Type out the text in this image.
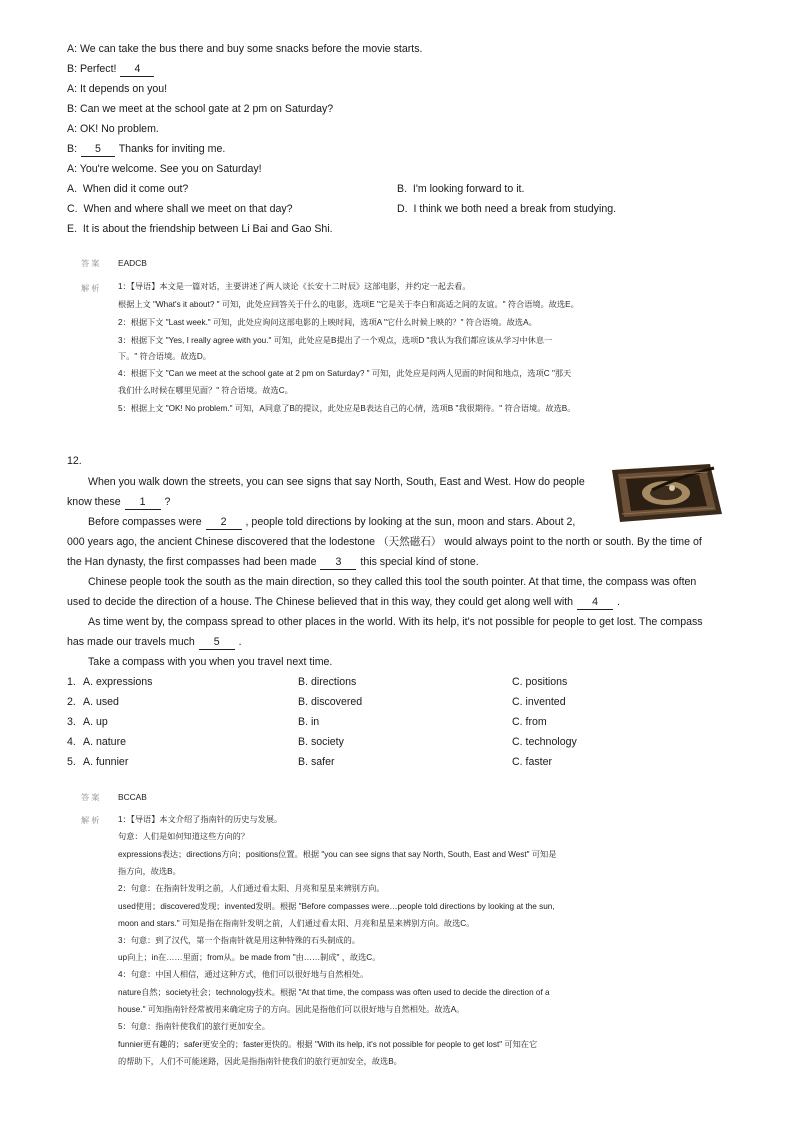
A: We can take the bus there and buy some snacks before the movie starts.
B: Perfect! 4
A: It depends on you!
B: Can we meet at the school gate at 2 pm on Saturday?
A: OK! No problem.
B: 5 Thanks for inviting me.
A: You're welcome. See you on Saturday!
A. When did it come out?	B. I'm looking forward to it.
C. When and where shall we meet on that day?	D. I think we both need a break from studying.
E. It is about the friendship between Li Bai and Gao Shi.
答案 EADCB
解析 1：【导语】本文是一篇对话，主要讲述了两人谈论《长安十二时辰》这部电影，并约定一起去看。
根据上文 "What's it about? " 可知，此处应回答关于什么的电影，选项E "它是关于李白和高适之间的友谊。" 符合语境。故选E。
2：根据下文 "Last week." 可知，此处应询问这部电影的上映时间，选项A "它什么时候上映的？" 符合语境。故选A。
3：根据下文 "Yes, I really agree with you." 可知，此处应是B提出了一个观点，选项D "我认为我们都应该从学习中休息一
下。" 符合语境。故选D。
4：根据下文 "Can we meet at the school gate at 2 pm on Saturday? " 可知，此处应是问两人见面的时间和地点，选项C "那天
我们什么时候在哪里见面？" 符合语境。故选C。
5：根据上文 "OK! No problem." 可知，A同意了B的提议，此处应是B表达自己的心情，选项B "我很期待。" 符合语境。故选B。
12.
When you walk down the streets, you can see signs that say North, South, East and West. How do people
know these 1 ?
Before compasses were 2 , people told directions by looking at the sun, moon and stars. About 2,
000 years ago, the ancient Chinese discovered that the lodestone （天然磁石） would always point to the north or south. By the time of
the Han dynasty, the first compasses had been made 3 this special kind of stone.
Chinese people took the south as the main direction, so they called this tool the south pointer. At that time, the compass was often
used to decide the direction of a house. The Chinese believed that in this way, they could get along well with 4 .
As time went by, the compass spread to other places in the world. With its help, it's not possible for people to get lost. The compass
has made our travels much 5 .
Take a compass with you when you travel next time.
1. A. expressions	B. directions	C. positions
2. A. used	B. discovered	C. invented
3. A. up	B. in	C. from
4. A. nature	B. society	C. technology
5. A. funnier	B. safer	C. faster
答案 BCCAB
解析 1：【导语】本文介绍了指南针的历史与发展。
句意：人们是如何知道这些方向的？
expressions表达；directions方向；positions位置。根据 "you can see signs that say North, South, East and West" 可知是
指方向，故选B。
2：句意：在指南针发明之前，人们通过看太阳、月亮和星星来辨别方向。
used使用；discovered发现；invented发明。根据 "Before compasses were…people told directions by looking at the sun,
moon and stars." 可知是指在指南针发明之前，人们通过看太阳、月亮和星星来辨别方向。故选C。
3：句意：到了汉代，第一个指南针就是用这种特殊的石头制成的。
up向上；in在……里面；from从。be made from "由……制成" ，故选C。
4：句意：中国人相信，通过这种方式，他们可以很好地与自然相处。
nature自然；society社会；technology技术。根据 "At that time, the compass was often used to decide the direction of a
house." 可知指南针经常被用来确定房子的方向。因此是指他们可以很好地与自然相处。故选A。
5：句意：指南针使我们的旅行更加安全。
funnier更有趣的；safer更安全的；faster更快的。根据 "With its help, it's not possible for people to get lost" 可知在它
的帮助下，人们不可能迷路，因此是指指南针使我们的旅行更加安全，故选B。
